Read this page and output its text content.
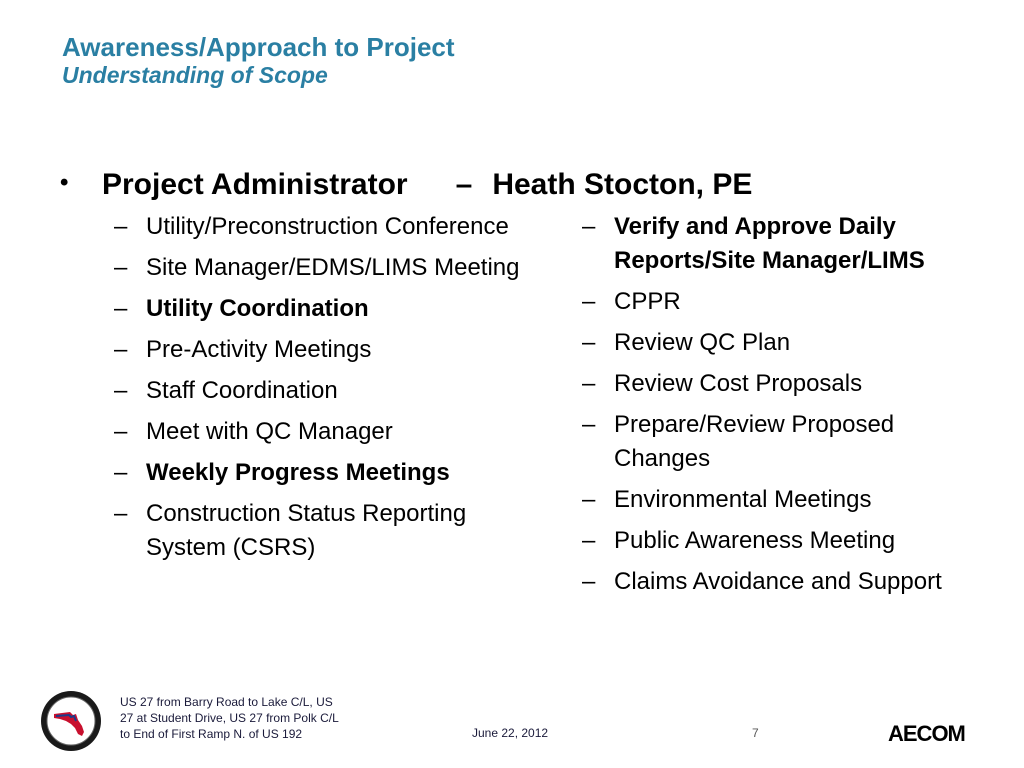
Awareness/Approach to Project
Understanding of Scope
• Project Administrator – Heath Stocton, PE
– Utility/Preconstruction Conference
– Site Manager/EDMS/LIMS Meeting
– Utility Coordination
– Pre-Activity Meetings
– Staff Coordination
– Meet with QC Manager
– Weekly Progress Meetings
– Construction Status Reporting System (CSRS)
– Verify and Approve Daily Reports/Site Manager/LIMS
– CPPR
– Review QC Plan
– Review Cost Proposals
– Prepare/Review Proposed Changes
– Environmental Meetings
– Public Awareness Meeting
– Claims Avoidance and Support
US 27 from Barry Road to Lake C/L, US 27 at Student Drive, US 27 from Polk C/L to End of First Ramp N. of US 192	June 22, 2012	7	AECOM
